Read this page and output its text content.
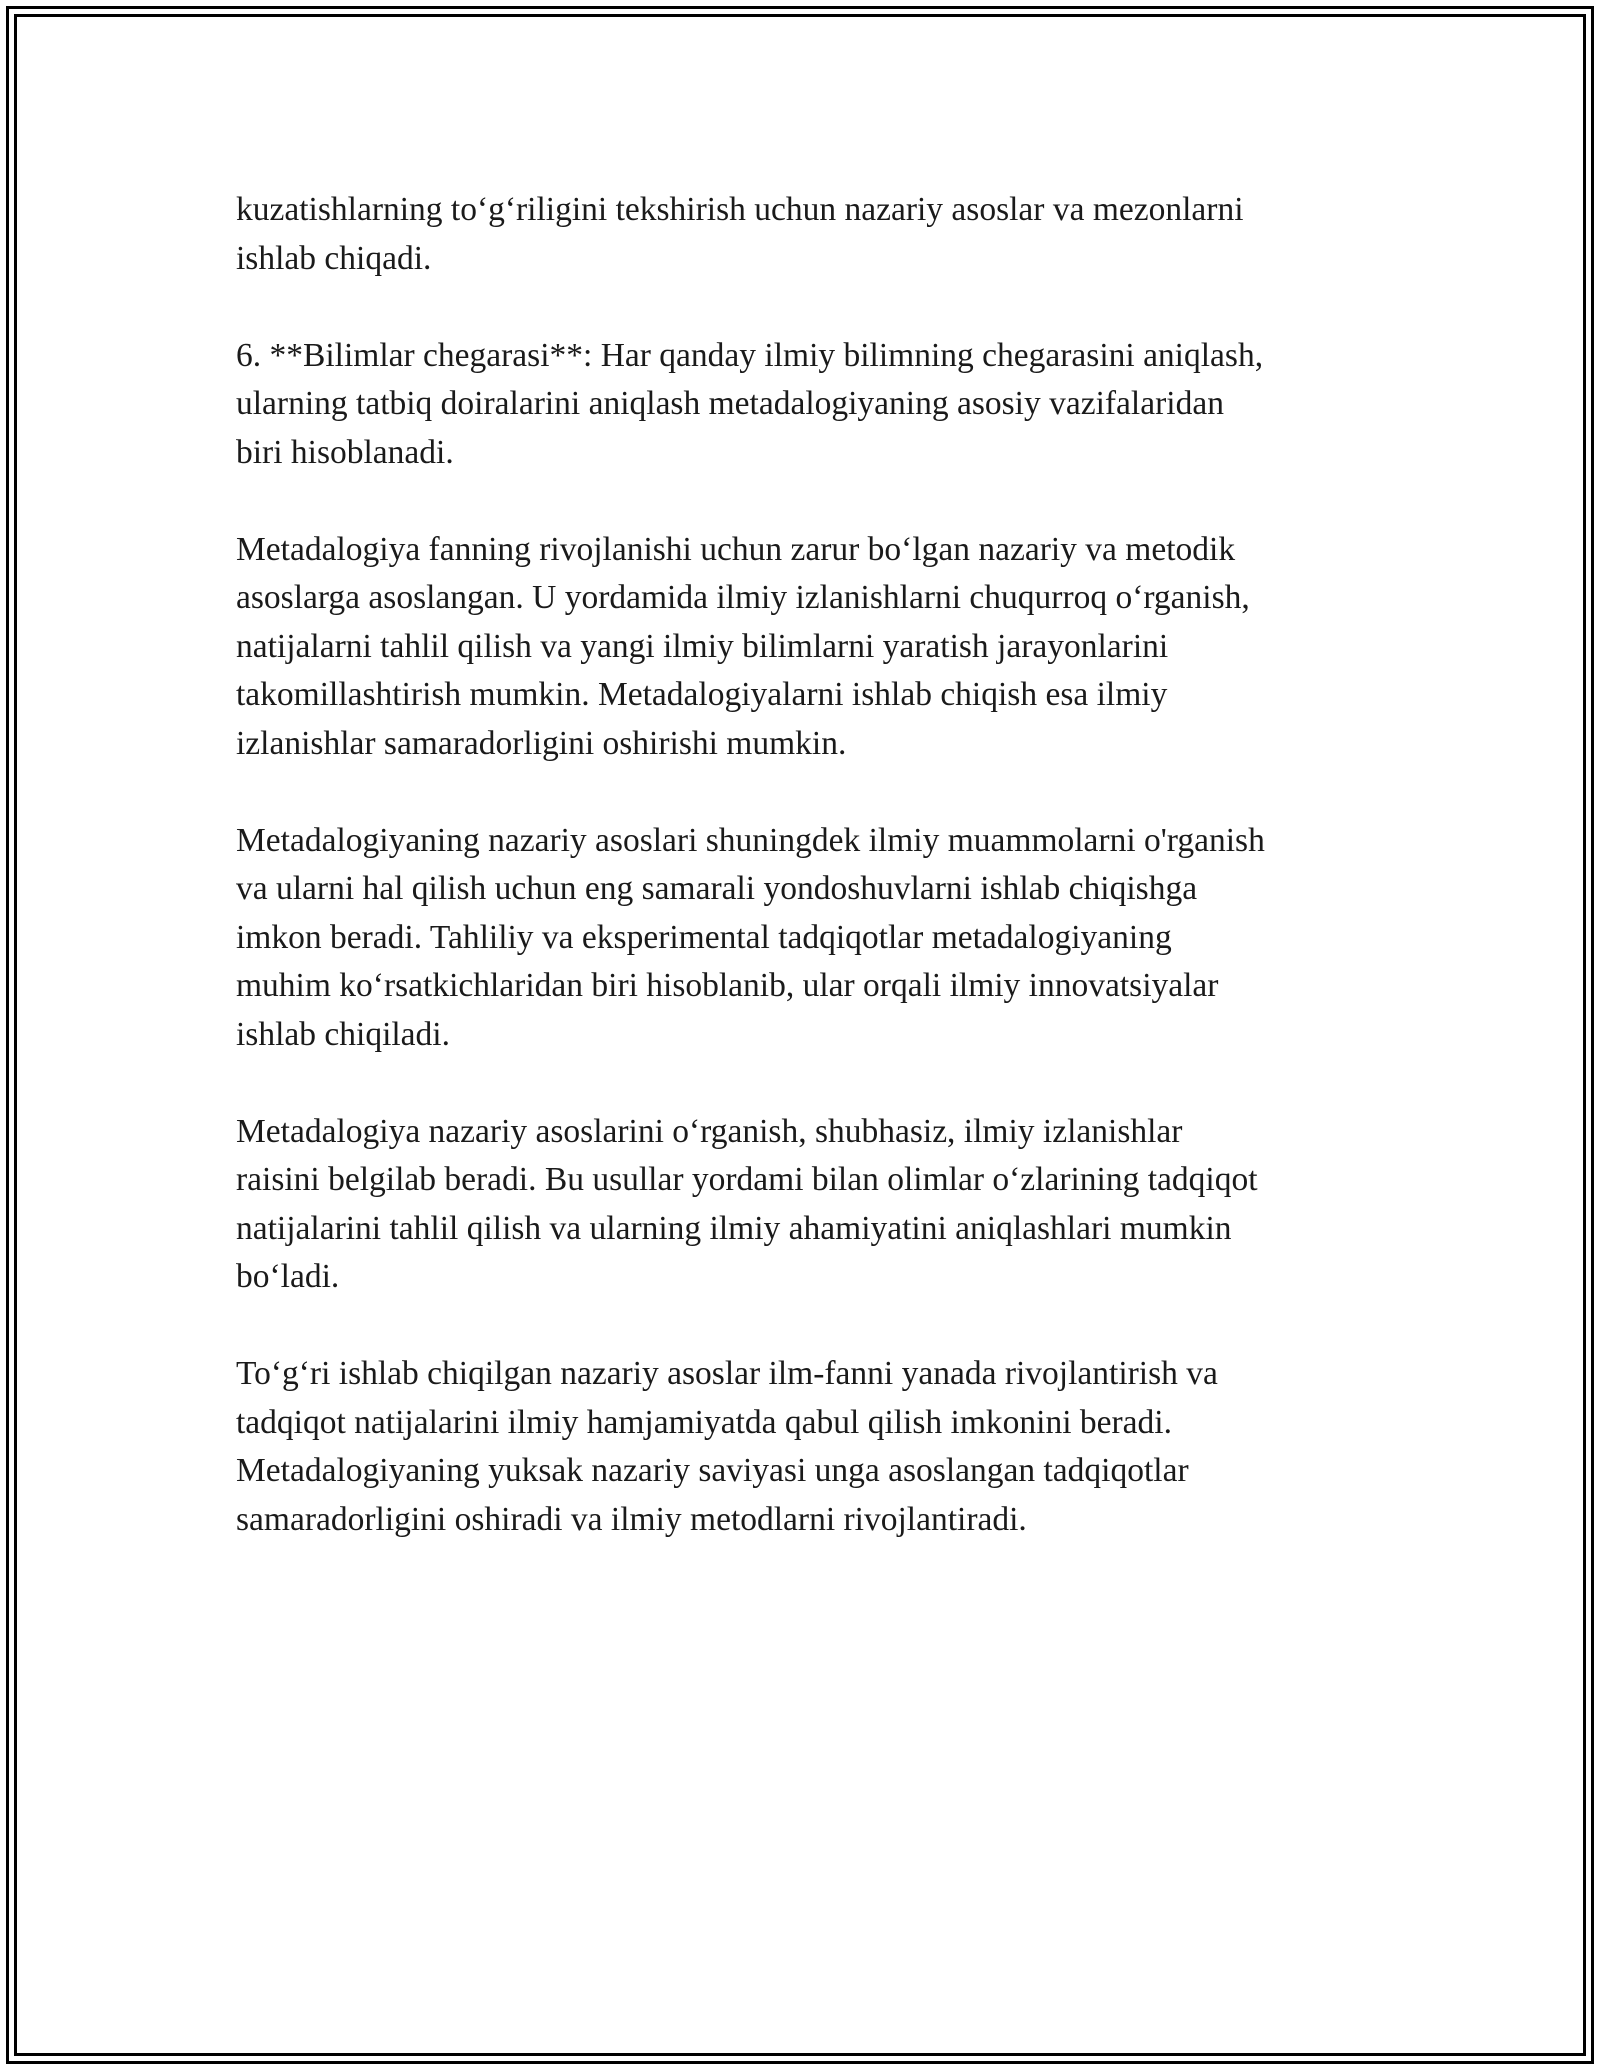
kuzatishlarning to‘g‘riligini tekshirish uchun nazariy asoslar va mezonlarni
ishlab chiqadi.

6. **Bilimlar chegarasi**: Har qanday ilmiy bilimning chegarasini aniqlash,
ularning tatbiq doiralarini aniqlash metadalogiyaning asosiy vazifalaridan
biri hisoblanadi.

Metadalogiya fanning rivojlanishi uchun zarur bo‘lgan nazariy va metodik
asoslarga asoslangan. U yordamida ilmiy izlanishlarni chuqurroq o‘rganish,
natijalarni tahlil qilish va yangi ilmiy bilimlarni yaratish jarayonlarini
takomillashtirish mumkin. Metadalogiyalarni ishlab chiqish esa ilmiy
izlanishlar samaradorligini oshirishi mumkin.

Metadalogiyaning nazariy asoslari shuningdek ilmiy muammolarni o'rganish
va ularni hal qilish uchun eng samarali yondoshuvlarni ishlab chiqishga
imkon beradi. Tahliliy va eksperimental tadqiqotlar metadalogiyaning
muhim ko‘rsatkichlaridan biri hisoblanib, ular orqali ilmiy innovatsiyalar
ishlab chiqiladi.

Metadalogiya nazariy asoslarini o‘rganish, shubhasiz, ilmiy izlanishlar
raisini belgilab beradi. Bu usullar yordami bilan olimlar o‘zlarining tadqiqot
natijalarini tahlil qilish va ularning ilmiy ahamiyatini aniqlashlari mumkin
bo‘ladi.

To‘g‘ri ishlab chiqilgan nazariy asoslar ilm-fanni yanada rivojlantirish va
tadqiqot natijalarini ilmiy hamjamiyatda qabul qilish imkonini beradi.
Metadalogiyaning yuksak nazariy saviyasi unga asoslangan tadqiqotlar
samaradorligini oshiradi va ilmiy metodlarni rivojlantiradi.
